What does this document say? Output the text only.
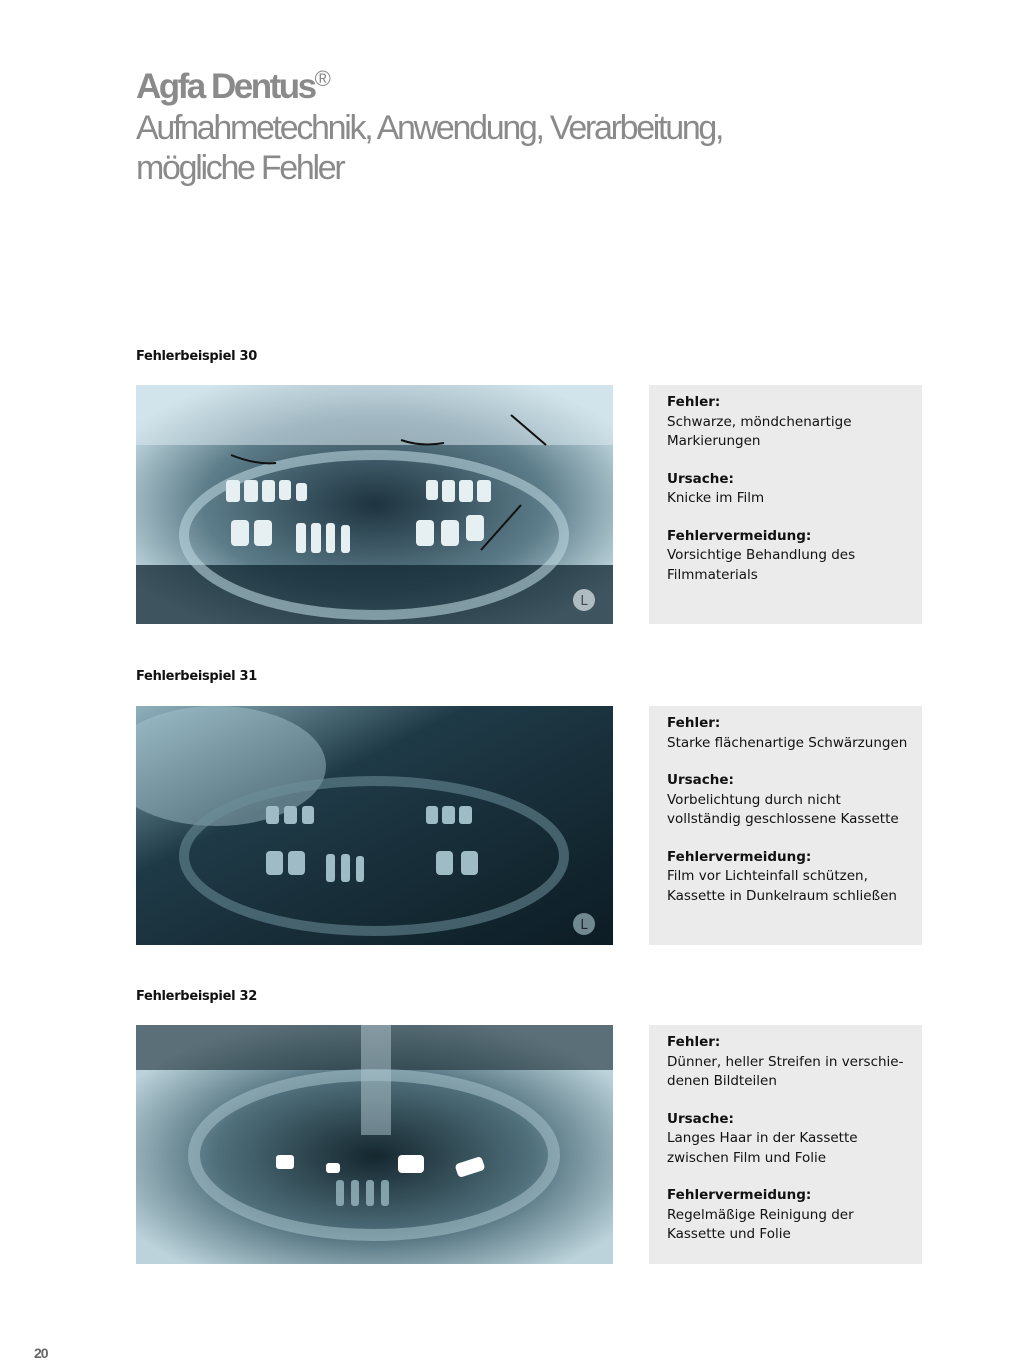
Agfa Dentus®
Aufnahmetechnik, Anwendung, Verarbeitung,
mögliche Fehler
Fehlerbeispiel 30
L
Fehler:
Schwarze, möndchenartige Markierungen
Ursache:
Knicke im Film
Fehlervermeidung:
Vorsichtige Behandlung des Filmmaterials
Fehlerbeispiel 31
L
Fehler:
Starke flächenartige Schwärzungen
Ursache:
Vorbelichtung durch nicht vollständig geschlossene Kassette
Fehlervermeidung:
Film vor Lichteinfall schützen, Kassette in Dunkelraum schließen
Fehlerbeispiel 32
Fehler:
Dünner, heller Streifen in verschie-denen Bildteilen
Ursache:
Langes Haar in der Kassette zwischen Film und Folie
Fehlervermeidung:
Regelmäßige Reinigung der Kassette und Folie
20
